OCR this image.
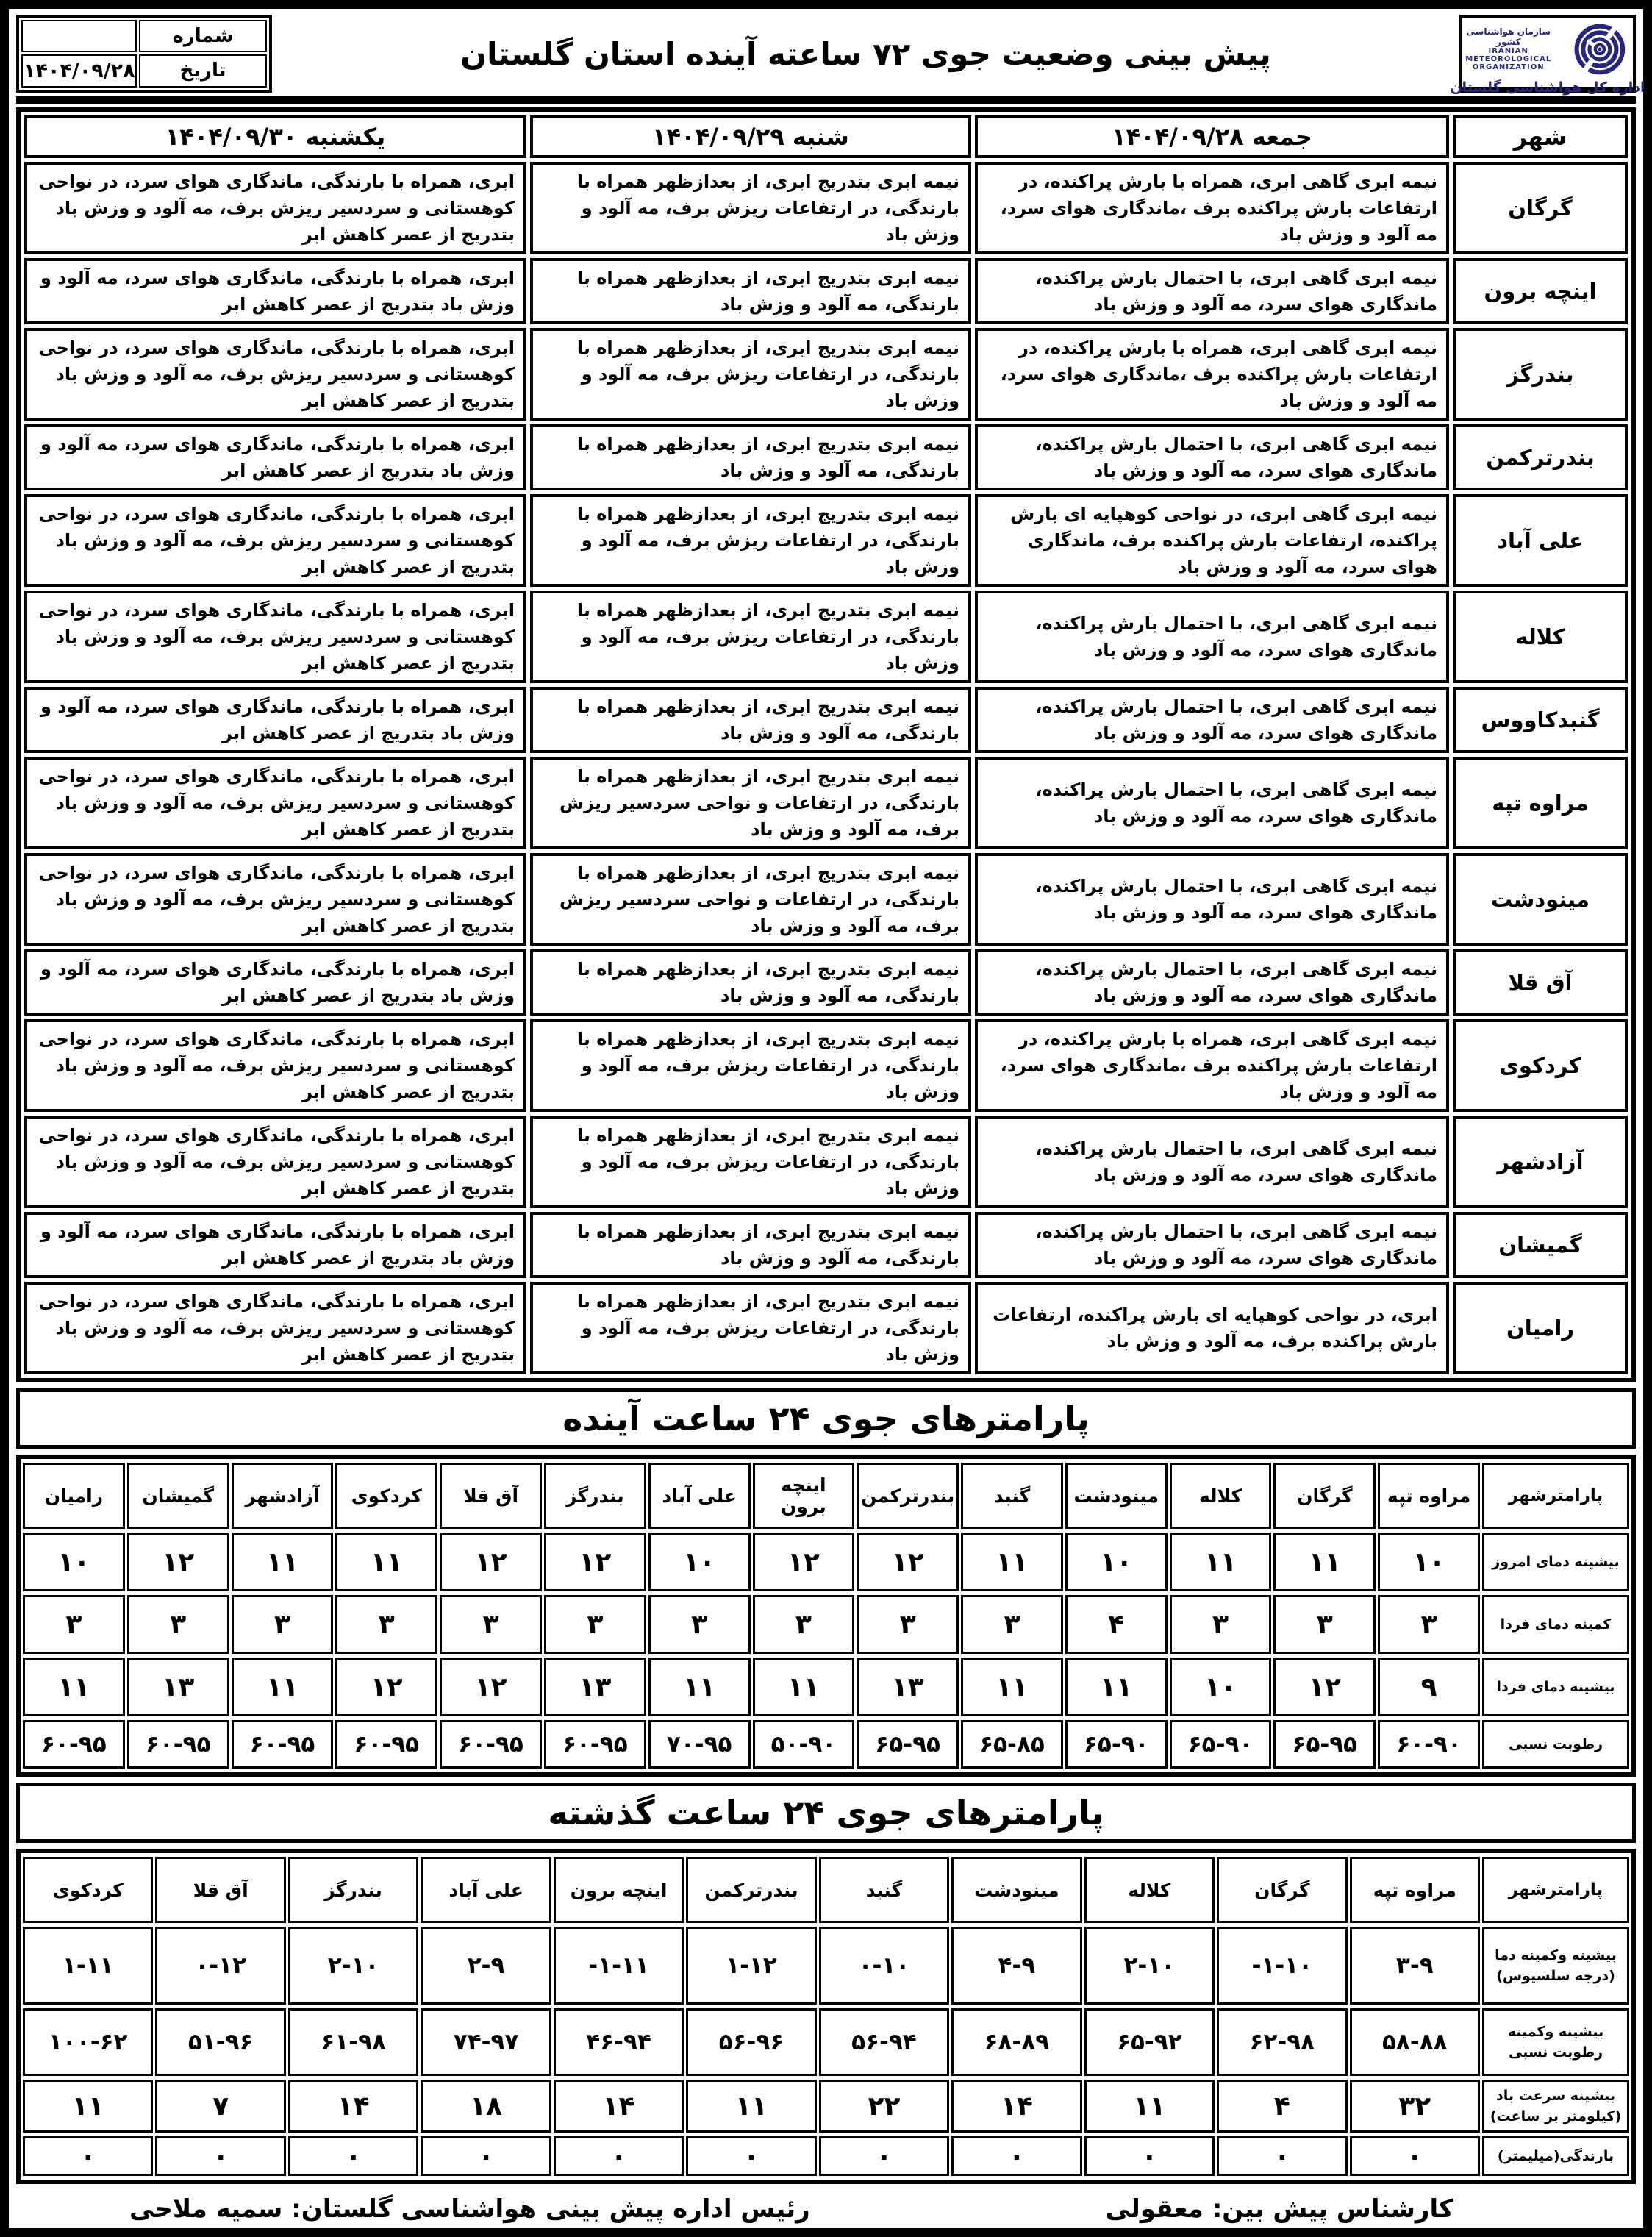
سازمان هواشناسی کشور
IRANIAN
METEOROLOGICAL
ORGANIZATION
اداره کل هواشناسی گلستان
پیش بینی وضعیت جوی ۷۲ ساعته آینده استان گلستان
شماره	
تاریخ	۱۴۰۴/۰۹/۲۸
شهر	جمعه ۱۴۰۴/۰۹/۲۸	شنبه ۱۴۰۴/۰۹/۲۹	یکشنبه ۱۴۰۴/۰۹/۳۰
گرگان	نیمه ابری گاهی ابری، همراه با بارش پراکنده، در ارتفاعات بارش پراکنده برف ،ماندگاری هوای سرد، مه آلود و وزش باد	نیمه ابری بتدریج ابری، از بعدازظهر همراه با بارندگی، در ارتفاعات ریزش برف، مه آلود و وزش باد	ابری، همراه با بارندگی، ماندگاری هوای سرد، در نواحی کوهستانی و سردسیر ریزش برف، مه آلود و وزش باد بتدریج از عصر کاهش ابر
اینچه برون	نیمه ابری گاهی ابری، با احتمال بارش پراکنده، ماندگاری هوای سرد، مه آلود و وزش باد	نیمه ابری بتدریج ابری، از بعدازظهر همراه با بارندگی، مه آلود و وزش باد	ابری، همراه با بارندگی، ماندگاری هوای سرد، مه آلود و وزش باد بتدریج از عصر کاهش ابر
بندرگز	نیمه ابری گاهی ابری، همراه با بارش پراکنده، در ارتفاعات بارش پراکنده برف ،ماندگاری هوای سرد، مه آلود و وزش باد	نیمه ابری بتدریج ابری، از بعدازظهر همراه با بارندگی، در ارتفاعات ریزش برف، مه آلود و وزش باد	ابری، همراه با بارندگی، ماندگاری هوای سرد، در نواحی کوهستانی و سردسیر ریزش برف، مه آلود و وزش باد بتدریج از عصر کاهش ابر
بندرترکمن	نیمه ابری گاهی ابری، با احتمال بارش پراکنده، ماندگاری هوای سرد، مه آلود و وزش باد	نیمه ابری بتدریج ابری، از بعدازظهر همراه با بارندگی، مه آلود و وزش باد	ابری، همراه با بارندگی، ماندگاری هوای سرد، مه آلود و وزش باد بتدریج از عصر کاهش ابر
علی آباد	نیمه ابری گاهی ابری، در نواحی کوهپایه ای بارش پراکنده، ارتفاعات بارش پراکنده برف، ماندگاری هوای سرد، مه آلود و وزش باد	نیمه ابری بتدریج ابری، از بعدازظهر همراه با بارندگی، در ارتفاعات ریزش برف، مه آلود و وزش باد	ابری، همراه با بارندگی، ماندگاری هوای سرد، در نواحی کوهستانی و سردسیر ریزش برف، مه آلود و وزش باد بتدریج از عصر کاهش ابر
کلاله	نیمه ابری گاهی ابری، با احتمال بارش پراکنده، ماندگاری هوای سرد، مه آلود و وزش باد	نیمه ابری بتدریج ابری، از بعدازظهر همراه با بارندگی، در ارتفاعات ریزش برف، مه آلود و وزش باد	ابری، همراه با بارندگی، ماندگاری هوای سرد، در نواحی کوهستانی و سردسیر ریزش برف، مه آلود و وزش باد بتدریج از عصر کاهش ابر
گنبدکاووس	نیمه ابری گاهی ابری، با احتمال بارش پراکنده، ماندگاری هوای سرد، مه آلود و وزش باد	نیمه ابری بتدریج ابری، از بعدازظهر همراه با بارندگی، مه آلود و وزش باد	ابری، همراه با بارندگی، ماندگاری هوای سرد، مه آلود و وزش باد بتدریج از عصر کاهش ابر
مراوه تپه	نیمه ابری گاهی ابری، با احتمال بارش پراکنده، ماندگاری هوای سرد، مه آلود و وزش باد	نیمه ابری بتدریج ابری، از بعدازظهر همراه با بارندگی، در ارتفاعات و نواحی سردسیر ریزش برف، مه آلود و وزش باد	ابری، همراه با بارندگی، ماندگاری هوای سرد، در نواحی کوهستانی و سردسیر ریزش برف، مه آلود و وزش باد بتدریج از عصر کاهش ابر
مینودشت	نیمه ابری گاهی ابری، با احتمال بارش پراکنده، ماندگاری هوای سرد، مه آلود و وزش باد	نیمه ابری بتدریج ابری، از بعدازظهر همراه با بارندگی، در ارتفاعات و نواحی سردسیر ریزش برف، مه آلود و وزش باد	ابری، همراه با بارندگی، ماندگاری هوای سرد، در نواحی کوهستانی و سردسیر ریزش برف، مه آلود و وزش باد بتدریج از عصر کاهش ابر
آق قلا	نیمه ابری گاهی ابری، با احتمال بارش پراکنده، ماندگاری هوای سرد، مه آلود و وزش باد	نیمه ابری بتدریج ابری، از بعدازظهر همراه با بارندگی، مه آلود و وزش باد	ابری، همراه با بارندگی، ماندگاری هوای سرد، مه آلود و وزش باد بتدریج از عصر کاهش ابر
کردکوی	نیمه ابری گاهی ابری، همراه با بارش پراکنده، در ارتفاعات بارش پراکنده برف ،ماندگاری هوای سرد، مه آلود و وزش باد	نیمه ابری بتدریج ابری، از بعدازظهر همراه با بارندگی، در ارتفاعات ریزش برف، مه آلود و وزش باد	ابری، همراه با بارندگی، ماندگاری هوای سرد، در نواحی کوهستانی و سردسیر ریزش برف، مه آلود و وزش باد بتدریج از عصر کاهش ابر
آزادشهر	نیمه ابری گاهی ابری، با احتمال بارش پراکنده، ماندگاری هوای سرد، مه آلود و وزش باد	نیمه ابری بتدریج ابری، از بعدازظهر همراه با بارندگی، در ارتفاعات ریزش برف، مه آلود و وزش باد	ابری، همراه با بارندگی، ماندگاری هوای سرد، در نواحی کوهستانی و سردسیر ریزش برف، مه آلود و وزش باد بتدریج از عصر کاهش ابر
گمیشان	نیمه ابری گاهی ابری، با احتمال بارش پراکنده، ماندگاری هوای سرد، مه آلود و وزش باد	نیمه ابری بتدریج ابری، از بعدازظهر همراه با بارندگی، مه آلود و وزش باد	ابری، همراه با بارندگی، ماندگاری هوای سرد، مه آلود و وزش باد بتدریج از عصر کاهش ابر
رامیان	ابری، در نواحی کوهپایه ای بارش پراکنده، ارتفاعات بارش پراکنده برف، مه آلود و وزش باد	نیمه ابری بتدریج ابری، از بعدازظهر همراه با بارندگی، در ارتفاعات ریزش برف، مه آلود و وزش باد	ابری، همراه با بارندگی، ماندگاری هوای سرد، در نواحی کوهستانی و سردسیر ریزش برف، مه آلود و وزش باد بتدریج از عصر کاهش ابر
پارامترهای جوی ۲۴ ساعت آینده
پارامترشهر	مراوه تپه	گرگان	کلاله	مینودشت	گنبد	بندرترکمن	اینچه برون	علی آباد	بندرگز	آق قلا	کردکوی	آزادشهر	گمیشان	رامیان
بیشینه دمای امروز	۱۰	۱۱	۱۱	۱۰	۱۱	۱۲	۱۲	۱۰	۱۲	۱۲	۱۱	۱۱	۱۲	۱۰
کمینه دمای فردا	۳	۳	۳	۴	۳	۳	۳	۳	۳	۳	۳	۳	۳	۳
بیشینه دمای فردا	۹	۱۲	۱۰	۱۱	۱۱	۱۳	۱۱	۱۱	۱۳	۱۲	۱۲	۱۱	۱۳	۱۱
رطوبت نسبی	۶۰-۹۰	۶۵-۹۵	۶۵-۹۰	۶۵-۹۰	۶۵-۸۵	۶۵-۹۵	۵۰-۹۰	۷۰-۹۵	۶۰-۹۵	۶۰-۹۵	۶۰-۹۵	۶۰-۹۵	۶۰-۹۵	۶۰-۹۵
پارامترهای جوی ۲۴ ساعت گذشته
پارامترشهر	مراوه تپه	گرگان	کلاله	مینودشت	گنبد	بندرترکمن	اینچه برون	علی آباد	بندرگز	آق قلا	کردکوی
بیشینه وکمینه دما (درجه سلسیوس)	۳-۹	-۱-۱۰	۲-۱۰	۴-۹	۰-۱۰	۱-۱۲	-۱-۱۱	۲-۹	۲-۱۰	۰-۱۲	۱-۱۱
بیشینه وکمینه رطوبت نسبی	۵۸-۸۸	۶۲-۹۸	۶۵-۹۲	۶۸-۸۹	۵۶-۹۴	۵۶-۹۶	۴۶-۹۴	۷۴-۹۷	۶۱-۹۸	۵۱-۹۶	۱۰۰-۶۲
بیشینه سرعت باد (کیلومتر بر ساعت)	۳۲	۴	۱۱	۱۴	۲۲	۱۱	۱۴	۱۸	۱۴	۷	۱۱
بارندگی(میلیمتر)	۰	۰	۰	۰	۰	۰	۰	۰	۰	۰	۰
کارشناس پیش بین: معقولی
رئیس اداره پیش بینی هواشناسی گلستان: سمیه ملاحی
